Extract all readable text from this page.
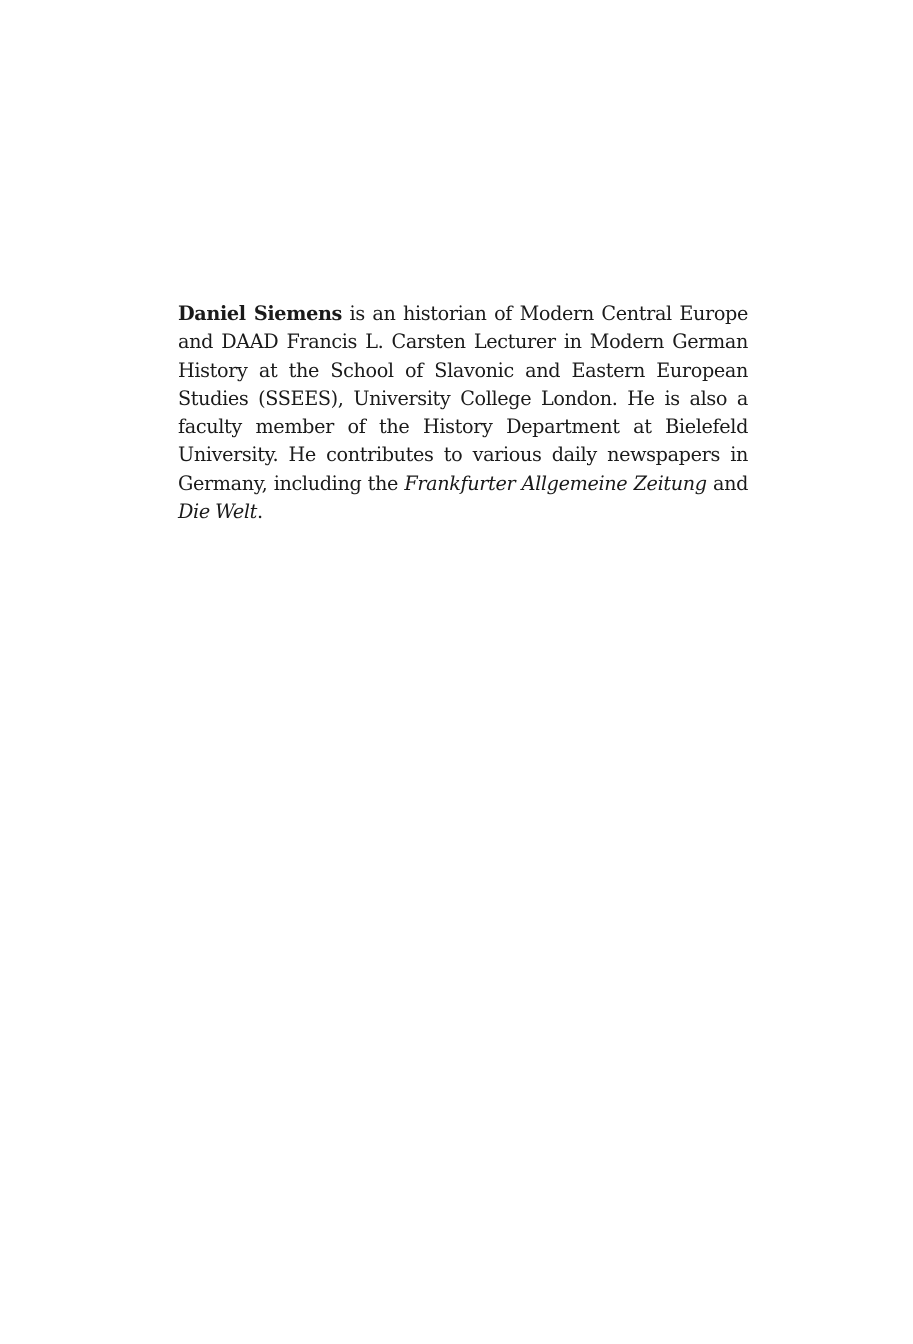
Daniel Siemens is an historian of Modern Central Europe and DAAD Francis L. Carsten Lecturer in Modern German History at the School of Slavonic and Eastern European Studies (SSEES), University College London. He is also a faculty member of the History Department at Bielefeld University. He contributes to various daily newspapers in Germany, including the Frankfurter Allgemeine Zeitung and Die Welt.
